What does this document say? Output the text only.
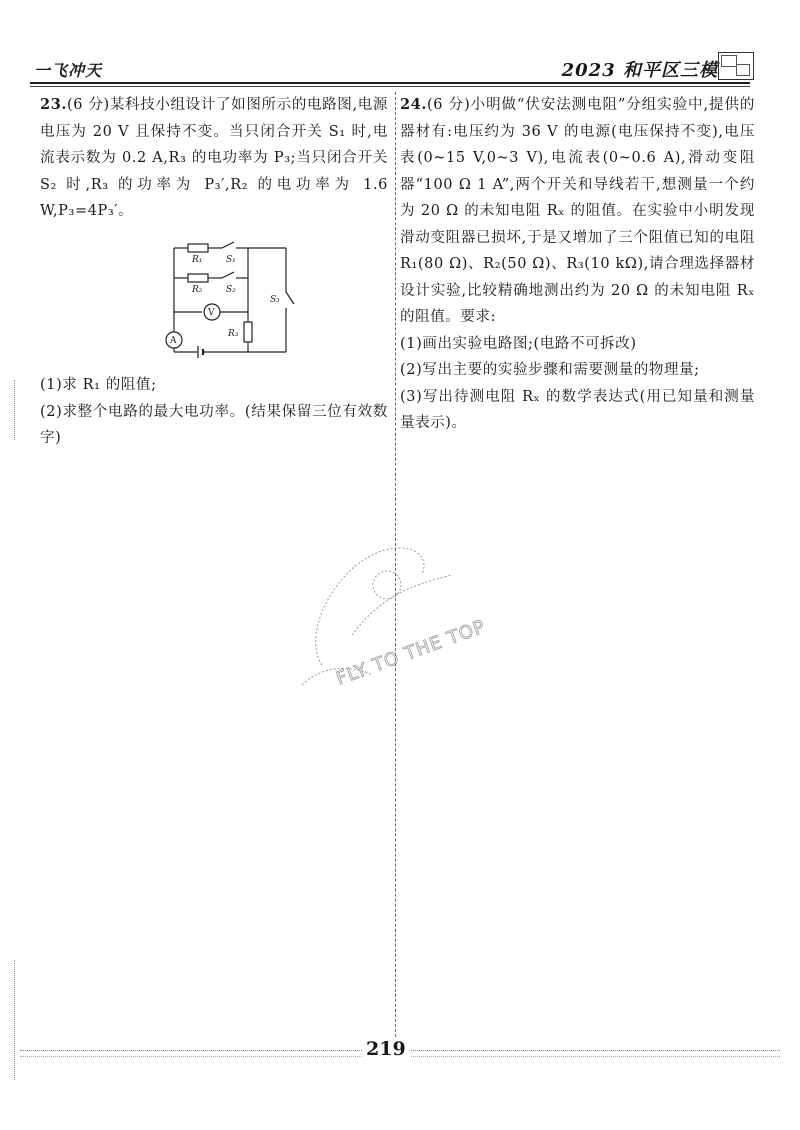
一飞冲天	2023 和平区三模
23.(6 分)某科技小组设计了如图所示的电路图,电源电压为 20 V 且保持不变。当只闭合开关 S₁ 时,电流表示数为 0.2 A,R₃ 的电功率为 P₃;当只闭合开关 S₂ 时,R₃ 的功率为 P₃′,R₂ 的电功率为 1.6 W,P₃=4P₃′。
R₁	S₁
R₂	S₂
S₃
V
A
R₃
(1)求 R₁ 的阻值;
(2)求整个电路的最大电功率。(结果保留三位有效数字)
24.(6 分)小明做“伏安法测电阻”分组实验中,提供的器材有:电压约为 36 V 的电源(电压保持不变),电压表(0~15 V,0~3 V),电流表(0~0.6 A),滑动变阻器“100 Ω 1 A”,两个开关和导线若干,想测量一个约为 20 Ω 的未知电阻 Rₓ 的阻值。在实验中小明发现滑动变阻器已损坏,于是又增加了三个阻值已知的电阻 R₁(80 Ω)、R₂(50 Ω)、R₃(10 kΩ),请合理选择器材设计实验,比较精确地测出约为 20 Ω 的未知电阻 Rₓ 的阻值。要求:
(1)画出实验电路图;(电路不可拆改)
(2)写出主要的实验步骤和需要测量的物理量;
(3)写出待测电阻 Rₓ 的数学表达式(用已知量和测量量表示)。
FLY TO THE TOP
219
